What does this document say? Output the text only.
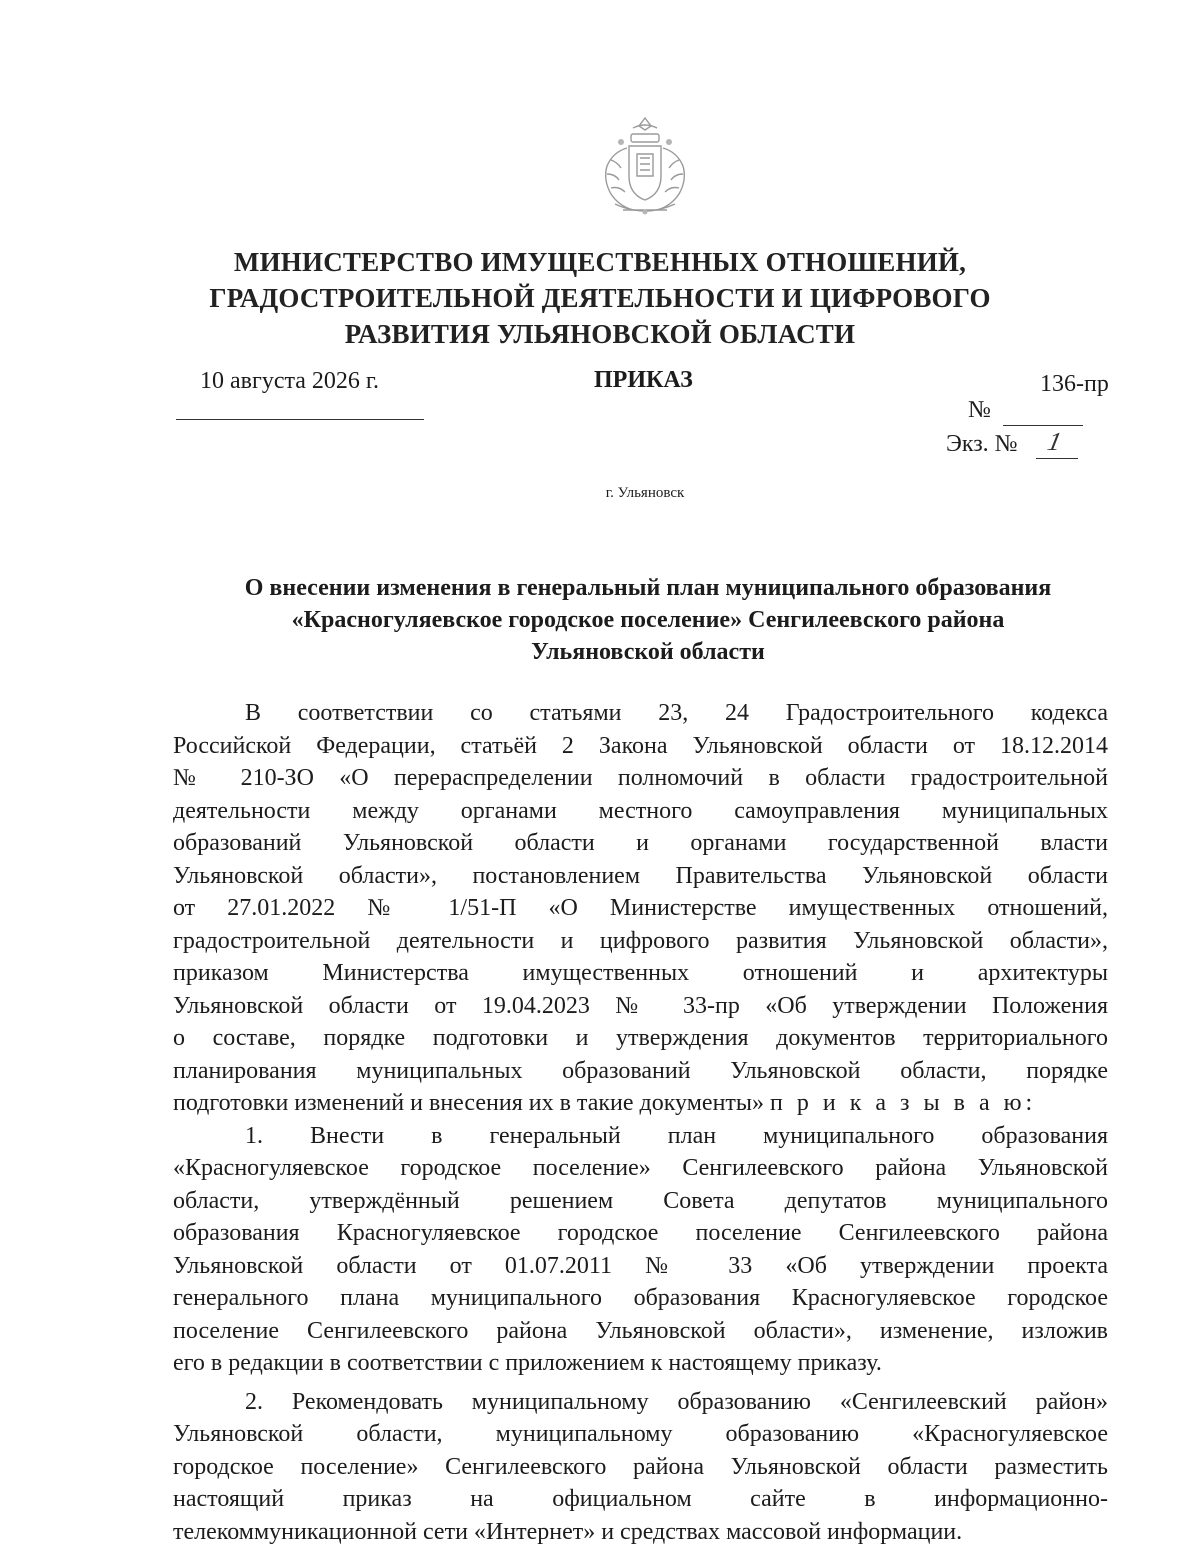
МИНИСТЕРСТВО ИМУЩЕСТВЕННЫХ ОТНОШЕНИЙ,
ГРАДОСТРОИТЕЛЬНОЙ ДЕЯТЕЛЬНОСТИ И ЦИФРОВОГО
РАЗВИТИЯ УЛЬЯНОВСКОЙ ОБЛАСТИ
10 августа 2026 г.	ПРИКАЗ	136-пр
№
Экз. № 1
г. Ульяновск
О внесении изменения в генеральный план муниципального образования
«Красногуляевское городское поселение» Сенгилеевского района
Ульяновской области
В соответствии со статьями 23, 24 Градостроительного кодекса
Российской Федерации, статьёй 2 Закона Ульяновской области от 18.12.2014
№ 210-ЗО «О перераспределении полномочий в области градостроительной
деятельности между органами местного самоуправления муниципальных
образований Ульяновской области и органами государственной власти
Ульяновской области», постановлением Правительства Ульяновской области
от 27.01.2022 № 1/51-П «О Министерстве имущественных отношений,
градостроительной деятельности и цифрового развития Ульяновской области»,
приказом Министерства имущественных отношений и архитектуры
Ульяновской области от 19.04.2023 № 33-пр «Об утверждении Положения
о составе, порядке подготовки и утверждения документов территориального
планирования муниципальных образований Ульяновской области, порядке
подготовки изменений и внесения их в такие документы» п р и к а з ы в а ю:
1. Внести в генеральный план муниципального образования
«Красногуляевское городское поселение» Сенгилеевского района Ульяновской
области, утверждённый решением Совета депутатов муниципального
образования Красногуляевское городское поселение Сенгилеевского района
Ульяновской области от 01.07.2011 № 33 «Об утверждении проекта
генерального плана муниципального образования Красногуляевское городское
поселение Сенгилеевского района Ульяновской области», изменение, изложив
его в редакции в соответствии с приложением к настоящему приказу.
2. Рекомендовать муниципальному образованию «Сенгилеевский район»
Ульяновской области, муниципальному образованию «Красногуляевское
городское поселение» Сенгилеевского района Ульяновской области разместить
настоящий приказ на официальном сайте в информационно-
телекоммуникационной сети «Интернет» и средствах массовой информации.
